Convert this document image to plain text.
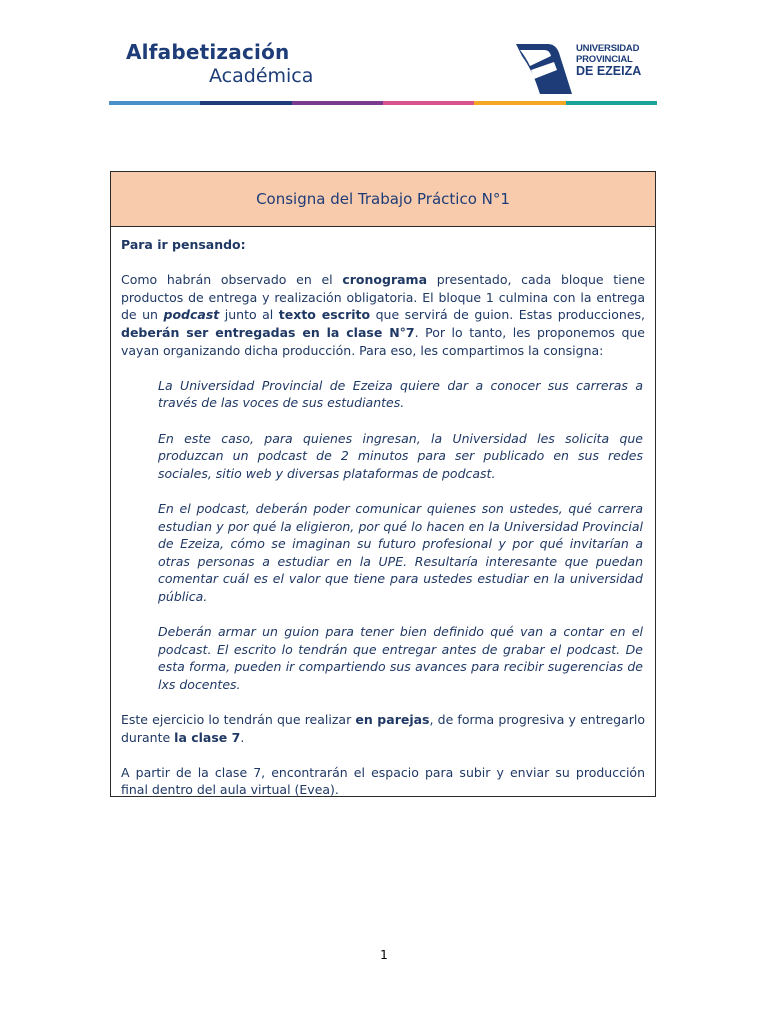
Alfabetización
Académica
UNIVERSIDAD
PROVINCIAL
DE EZEIZA
Consigna del Trabajo Práctico N°1

Para ir pensando:

Como habrán observado en el cronograma presentado, cada bloque tiene productos de entrega y realización obligatoria. El bloque 1 culmina con la entrega de un podcast junto al texto escrito que servirá de guion. Estas producciones, deberán ser entregadas en la clase N°7. Por lo tanto, les proponemos que vayan organizando dicha producción. Para eso, les compartimos la consigna:

La Universidad Provincial de Ezeiza quiere dar a conocer sus carreras a través de las voces de sus estudiantes.

En este caso, para quienes ingresan, la Universidad les solicita que produzcan un podcast de 2 minutos para ser publicado en sus redes sociales, sitio web y diversas plataformas de podcast.

En el podcast, deberán poder comunicar quienes son ustedes, qué carrera estudian y por qué la eligieron, por qué lo hacen en la Universidad Provincial de Ezeiza, cómo se imaginan su futuro profesional y por qué invitarían a otras personas a estudiar en la UPE. Resultaría interesante que puedan comentar cuál es el valor que tiene para ustedes estudiar en la universidad pública.

Deberán armar un guion para tener bien definido qué van a contar en el podcast. El escrito lo tendrán que entregar antes de grabar el podcast. De esta forma, pueden ir compartiendo sus avances para recibir sugerencias de lxs docentes.

Este ejercicio lo tendrán que realizar en parejas, de forma progresiva y entregarlo durante la clase 7.

A partir de la clase 7, encontrarán el espacio para subir y enviar su producción final dentro del aula virtual (Evea).

1
